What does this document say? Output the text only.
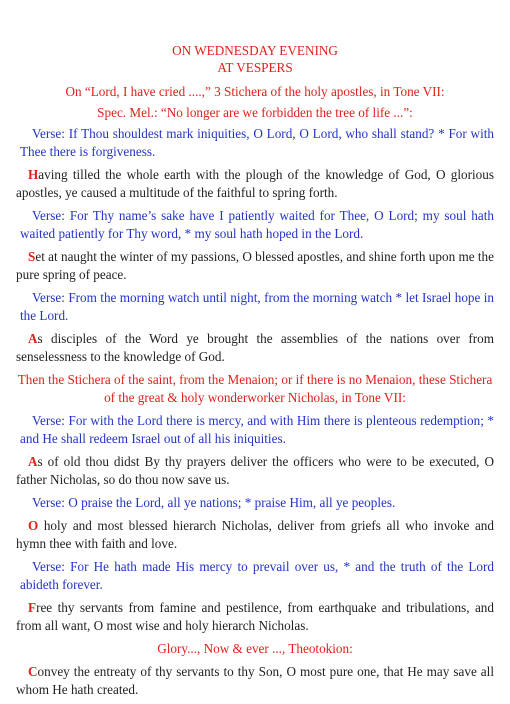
ON WEDNESDAY EVENING
AT VESPERS
On “Lord, I have cried ....,” 3 Stichera of the holy apostles, in Tone VII:
Spec. Mel.: “No longer are we forbidden the tree of life ...”:

Verse: If Thou shouldest mark iniquities, O Lord, O Lord, who shall stand? * For with Thee there is forgiveness.

Having tilled the whole earth with the plough of the knowledge of God, O glorious apostles, ye caused a multitude of the faithful to spring forth.

Verse: For Thy name’s sake have I patiently waited for Thee, O Lord; my soul hath waited patiently for Thy word, * my soul hath hoped in the Lord.

Set at naught the winter of my passions, O blessed apostles, and shine forth upon me the pure spring of peace.

Verse: From the morning watch until night, from the morning watch * let Israel hope in the Lord.

As disciples of the Word ye brought the assemblies of the nations over from senselessness to the knowledge of God.

Then the Stichera of the saint, from the Menaion; or if there is no Menaion, these Stichera of the great & holy wonderworker Nicholas, in Tone VII:

Verse: For with the Lord there is mercy, and with Him there is plenteous redemption; * and He shall redeem Israel out of all his iniquities.

As of old thou didst By thy prayers deliver the officers who were to be executed, O father Nicholas, so do thou now save us.

Verse: O praise the Lord, all ye nations; * praise Him, all ye peoples.

O holy and most blessed hierarch Nicholas, deliver from griefs all who invoke and hymn thee with faith and love.

Verse: For He hath made His mercy to prevail over us, * and the truth of the Lord abideth forever.

Free thy servants from famine and pestilence, from earthquake and tribulations, and from all want, O most wise and holy hierarch Nicholas.

Glory..., Now & ever ..., Theotokion:

Convey the entreaty of thy servants to thy Son, O most pure one, that He may save all whom He hath created.
